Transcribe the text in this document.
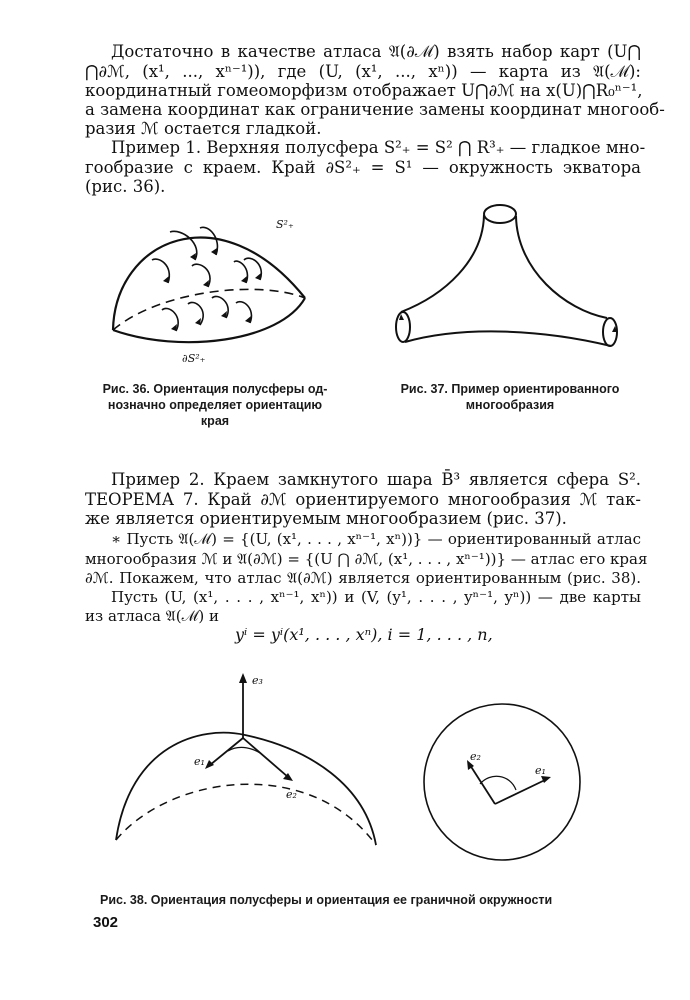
Достаточно в качестве атласа 𝔄(∂ℳ) взять набор карт (U⋂
⋂∂ℳ, (x¹, ..., xⁿ⁻¹)), где (U, (x¹, ..., xⁿ)) — карта из 𝔄(ℳ):
координатный гомеоморфизм отображает U⋂∂ℳ на x(U)⋂R₀ⁿ⁻¹,
а замена координат как ограничение замены координат многооб-
разия ℳ остается гладкой.
Пример 1. Верхняя полусфера S²₊ = S² ⋂ R³₊ — гладкое мно-
гообразие с краем. Край ∂S²₊ = S¹ — окружность экватора
(рис. 36).
S²₊
∂S²₊
Рис. 36. Ориентация полусферы од-
нозначно определяет ориентацию
края
Рис. 37. Пример ориентированного
многообразия
Пример 2. Краем замкнутого шара B̄³ является сфера S².
ТЕОРЕМА 7. Край ∂ℳ ориентируемого многообразия ℳ так-
же является ориентируемым многообразием (рис. 37).
∗ Пусть 𝔄(ℳ) = {(U, (x¹, . . . , xⁿ⁻¹, xⁿ))} — ориентированный атлас
многообразия ℳ и 𝔄(∂ℳ) = {(U ⋂ ∂ℳ, (x¹, . . . , xⁿ⁻¹))} — атлас его края
∂ℳ. Покажем, что атлас 𝔄(∂ℳ) является ориентированным (рис. 38).
Пусть (U, (x¹, . . . , xⁿ⁻¹, xⁿ)) и (V, (y¹, . . . , yⁿ⁻¹, yⁿ)) — две карты
из атласа 𝔄(ℳ) и
yⁱ = yⁱ(x¹, . . . , xⁿ), i = 1, . . . , n,
e₃
e₁
e₂
e₂
e₁
Рис. 38. Ориентация полусферы и ориентация ее граничной окружности
302
